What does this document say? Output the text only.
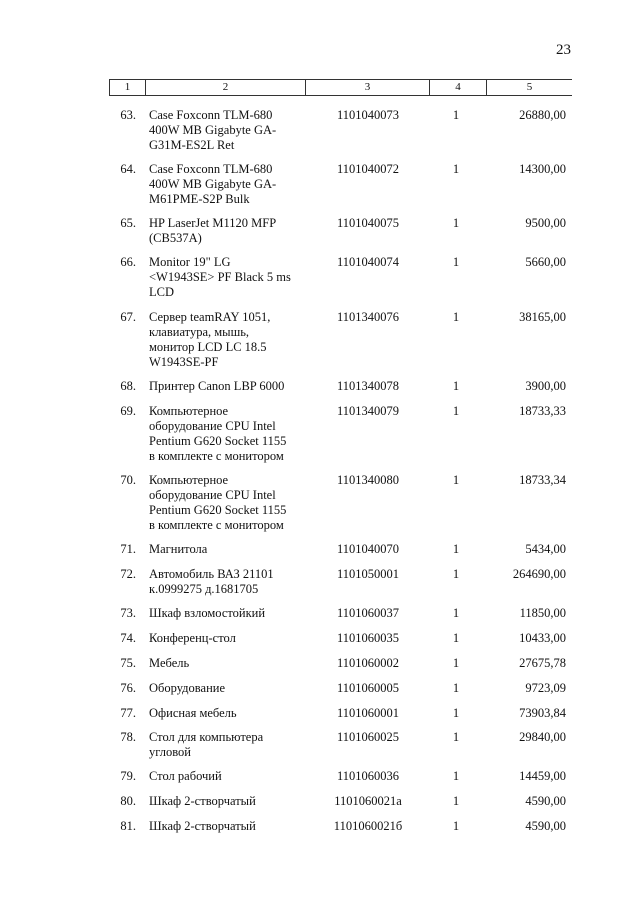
23
1	2	3	4	5
63. Case Foxconn TLM-680
400W MB Gigabyte GA-
G31M-ES2L Ret
1101040073	1	26880,00
64. Case Foxconn TLM-680
400W MB Gigabyte GA-
M61PME-S2P Bulk
1101040072	1	14300,00
65. HP LaserJet M1120 MFP
(CB537A)
1101040075	1	9500,00
66. Monitor 19" LG
<W1943SE> PF Black 5 ms
LCD
1101040074	1	5660,00
67. Сервер teamRAY 1051,
клавиатура, мышь,
монитор LCD LC 18.5
W1943SE-PF
1101340076	1	38165,00
68. Принтер Canon LBP 6000	1101340078	1	3900,00
69. Компьютерное
оборудование CPU Intel
Pentium G620 Socket 1155
в комплекте с монитором
1101340079	1	18733,33
70. Компьютерное
оборудование CPU Intel
Pentium G620 Socket 1155
в комплекте с монитором
1101340080	1	18733,34
71. Магнитола	1101040070	1	5434,00
72. Автомобиль ВАЗ 21101
к.0999275 д.1681705
1101050001	1	264690,00
73. Шкаф взломостойкий	1101060037	1	11850,00
74. Конференц-стол	1101060035	1	10433,00
75. Мебель	1101060002	1	27675,78
76. Оборудование	1101060005	1	9723,09
77. Офисная мебель	1101060001	1	73903,84
78. Стол для компьютера
угловой
1101060025	1	29840,00
79. Стол рабочий	1101060036	1	14459,00
80. Шкаф 2-створчатый	1101060021а	1	4590,00
81. Шкаф 2-створчатый	1101060021б	1	4590,00
